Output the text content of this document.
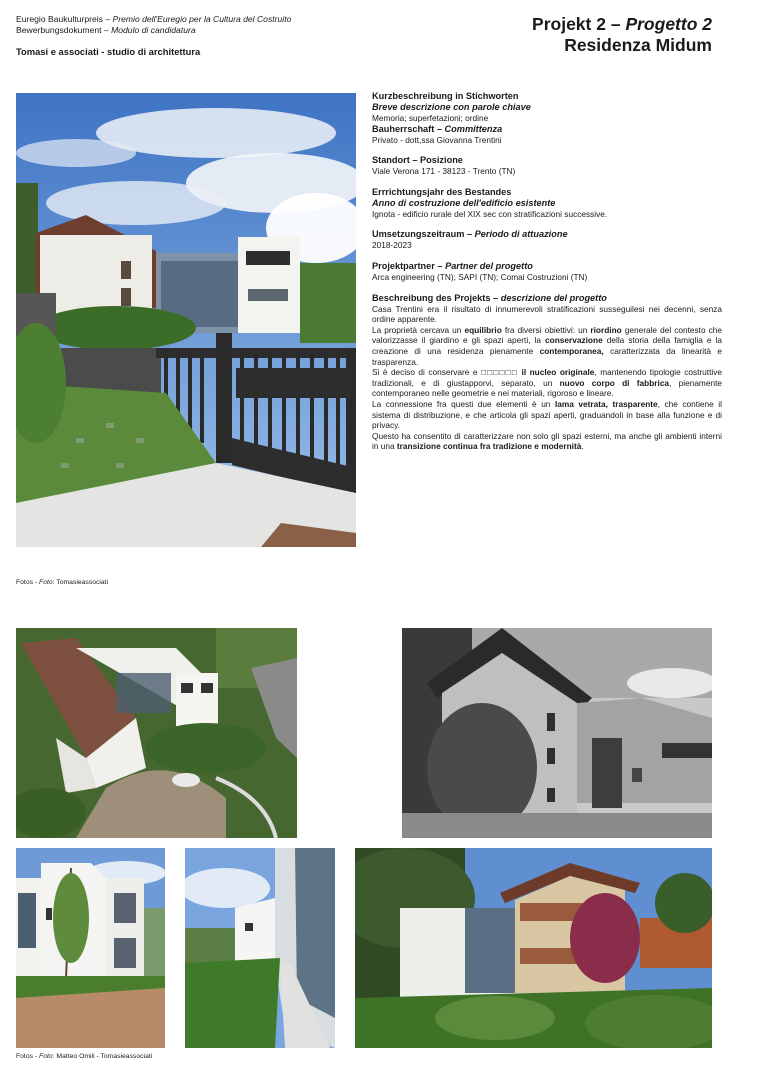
Euregio Baukulturpreis – Premio dell'Euregio per la Cultura del Costruito
Bewerbungsdokument – Modulo di candidatura
Tomasi e associati - studio di architettura
Projekt 2 – Progetto 2
Residenza Midum
Kurzbeschreibung in Stichworten
Breve descrizione con parole chiave
Memoria; superfetazioni; ordine
Bauherrschaft – Committenza
Privato - dott,ssa Giovanna Trentini
Standort – Posizione
Viale Verona 171 - 38123 - Trento (TN)
Errrichtungsjahr des Bestandes
Anno di costruzione dell'edificio esistente
Ignota - edificio rurale del XIX sec con stratificazioni successive.
Umsetzungszeitraum – Periodo di attuazione
2018-2023
Projektpartner – Partner del progetto
Arca engineering (TN); SAPI (TN); Comai Costruzioni (TN)
Beschreibung des Projekts – descrizione del progetto

Casa Trentini era il risultato di innumerevoli stratificazioni susseguilesi nei decenni, senza ordine apparente.

La proprietà cercava un equilibrio fra diversi obiettivi: un riordino generale del contesto che valorizzasse il giardino e gli spazi aperti, la conservazione della storia della famiglia e la creazione di una residenza pienamente contemporanea, caratterizzata da linearità e trasparenza.

Si è deciso di conservare e □□□□□□ il nucleo originale, mantenendo tipologie costruttive tradizionali, e di giustapporvi, separato, un nuovo corpo di fabbrica, pienamente contemporaneo nelle geometrie e nei materiali, rigoroso e lineare.

La connessione fra questi due elementi è un lama vetrata, trasparente, che contiene il sistema di distribuzione, e che articola gli spazi aperti, graduandoli in base alla funzione e di privacy.

Questo ha consentito di caratterizzare non solo gli spazi esterni, ma anche gli ambienti interni in una transizione continua fra tradizione e modernità.

Fotos - Foto: Tomasieassociati
Fotos - Foto: Matteo Omili - Tomasieassociati
